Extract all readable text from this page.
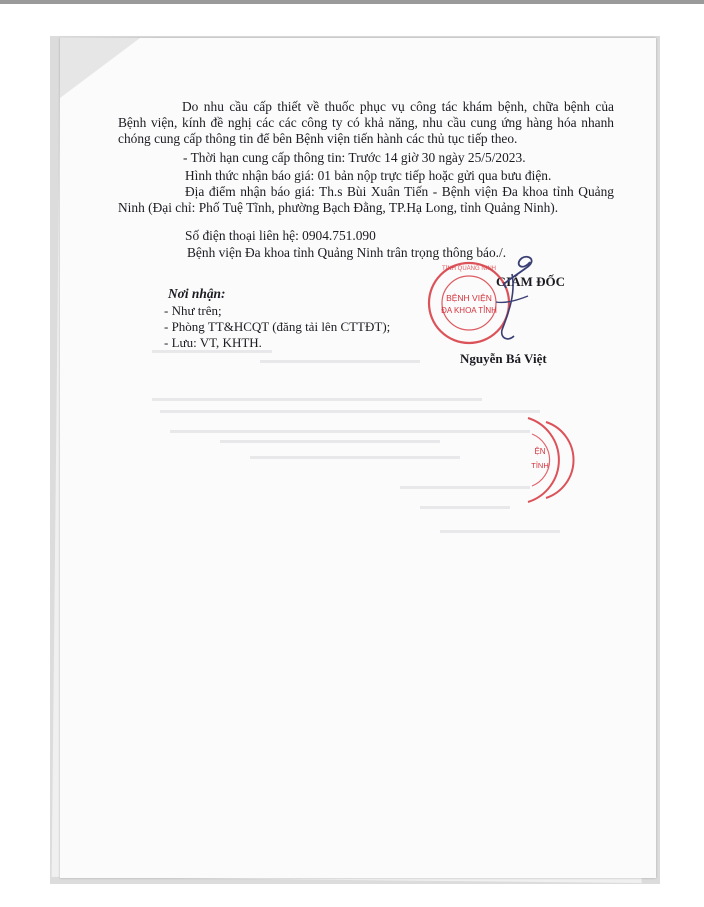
Do nhu cầu cấp thiết về thuốc phục vụ công tác khám bệnh, chữa bệnh của Bệnh viện, kính đề nghị các các công ty có khả năng, nhu cầu cung ứng hàng hóa nhanh chóng cung cấp thông tin để bên Bệnh viện tiến hành các thủ tục tiếp theo.
- Thời hạn cung cấp thông tin: Trước 14 giờ 30 ngày 25/5/2023.
Hình thức nhận báo giá: 01 bản nộp trực tiếp hoặc gửi qua bưu điện.
Địa điểm nhận báo giá: Th.s Bùi Xuân Tiến - Bệnh viện Đa khoa tỉnh Quảng Ninh (Đại chỉ: Phố Tuệ Tĩnh, phường Bạch Đằng, TP.Hạ Long, tỉnh Quảng Ninh).
Số điện thoại liên hệ: 0904.751.090
Bệnh viện Đa khoa tỉnh Quảng Ninh trân trọng thông báo./.
Nơi nhận:
- Như trên;
- Phòng TT&HCQT (đăng tải lên CTTĐT);
- Lưu: VT, KHTH.
GIÁM ĐỐC
TỈNH QUẢNG NINH
BỆNH VIỆN
ĐA KHOA TỈNH
Nguyễn Bá Việt
ỆN
TỈNH
